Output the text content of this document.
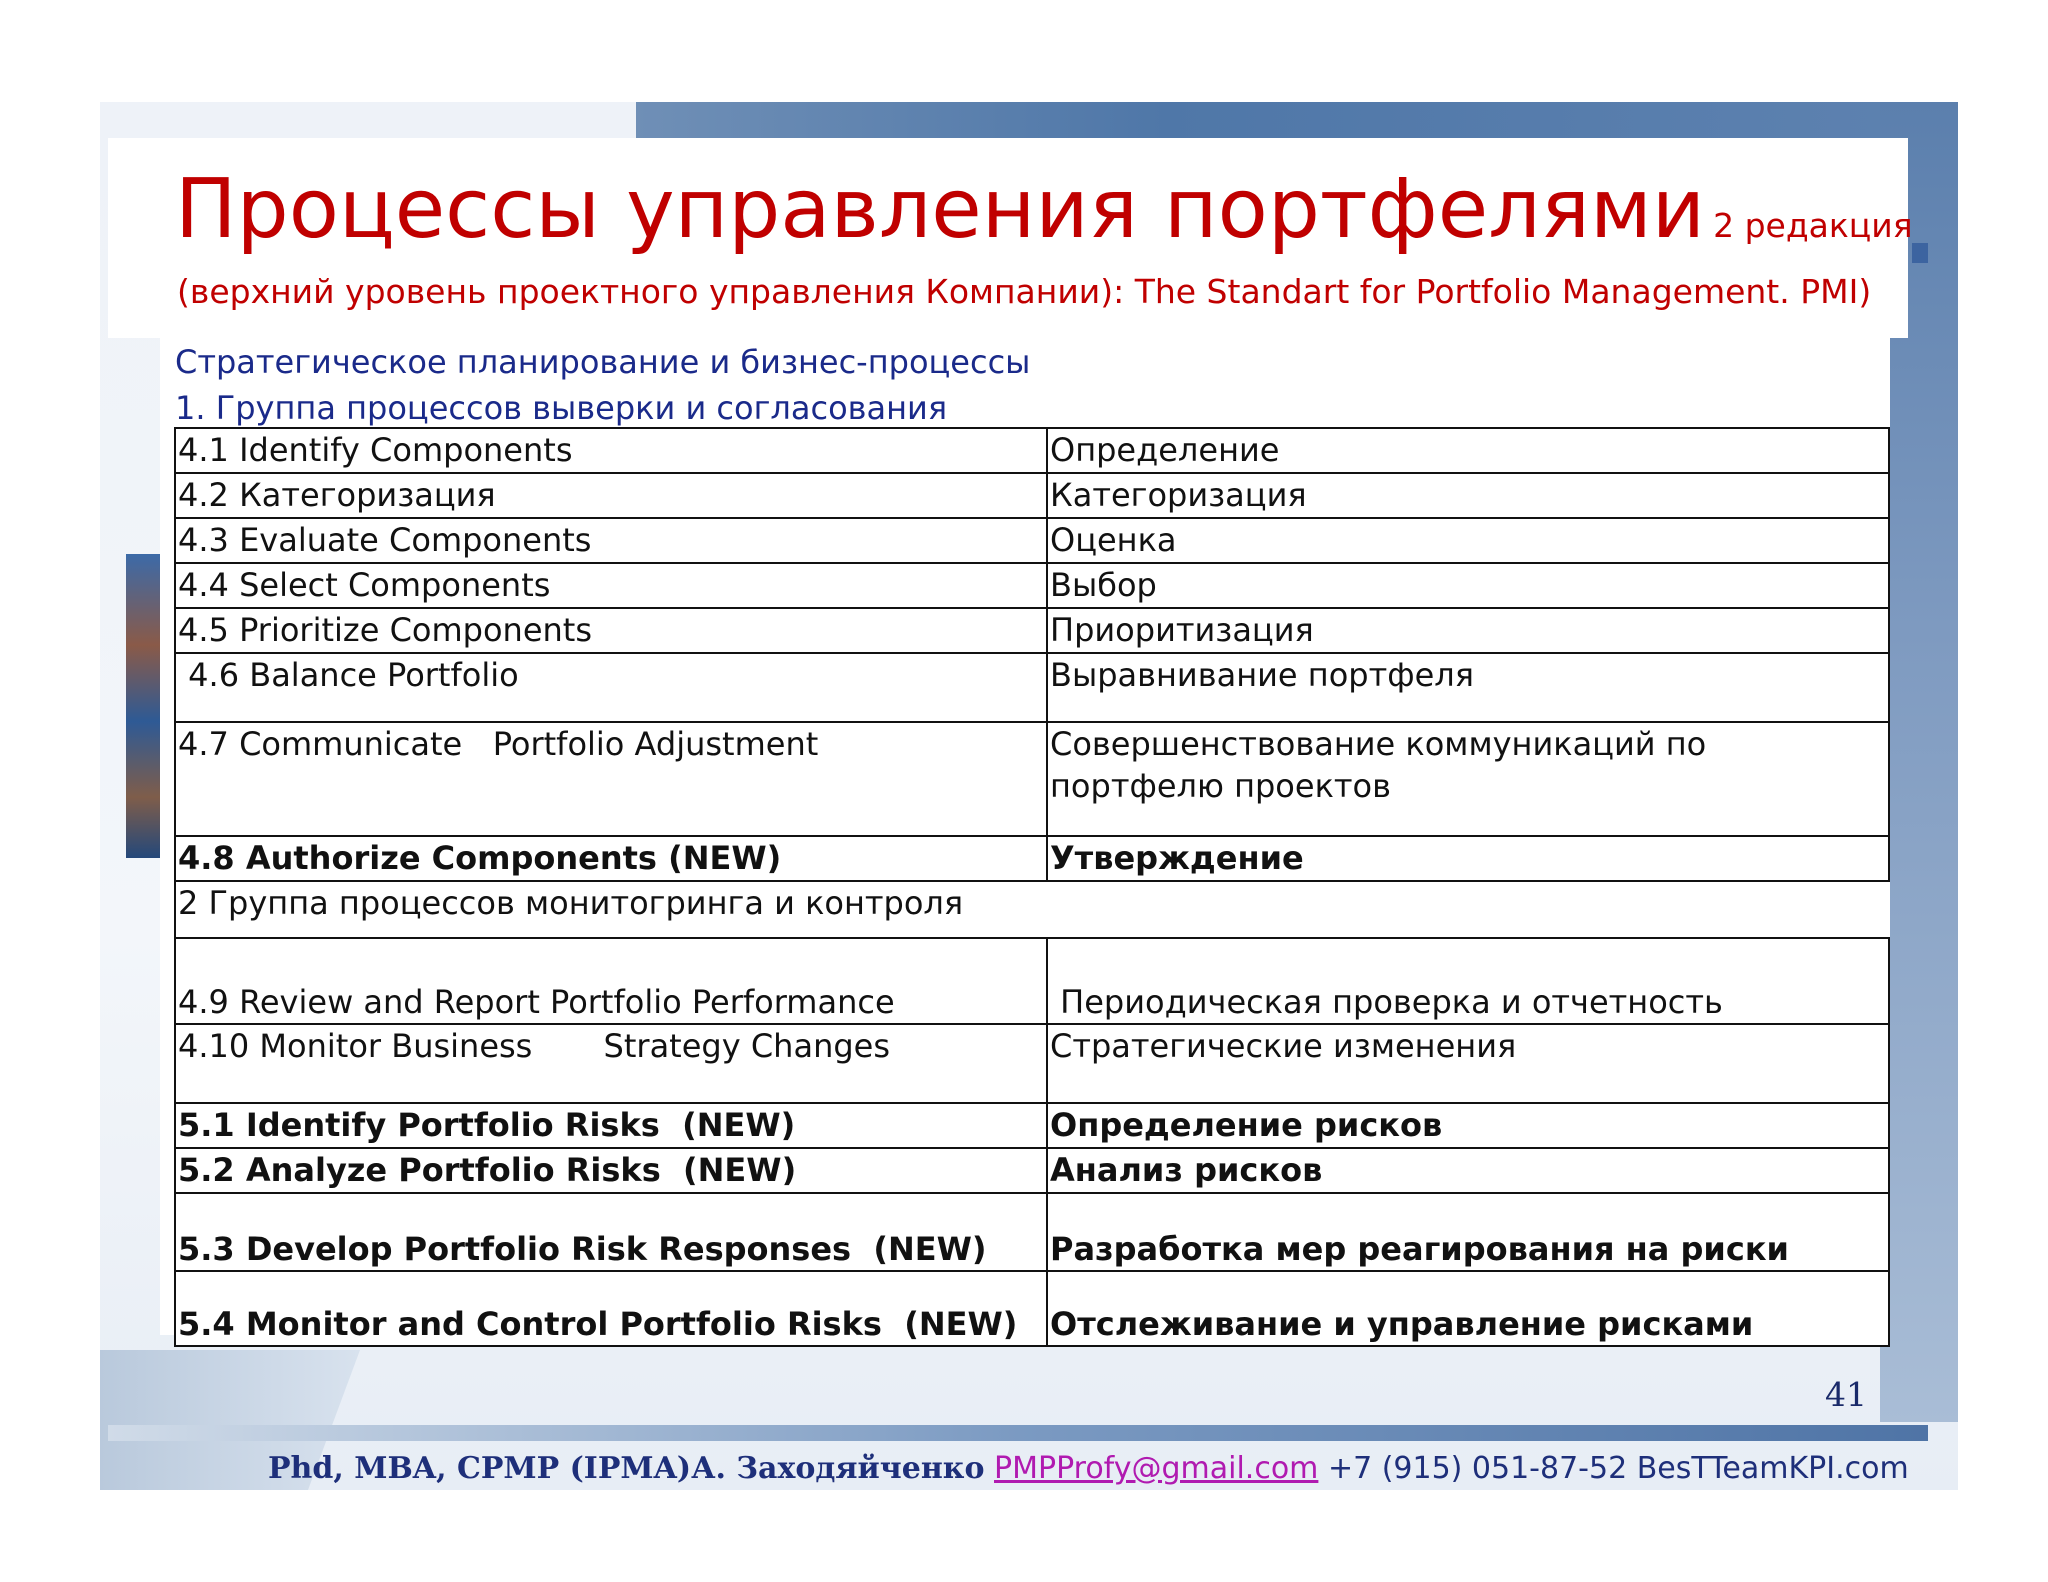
Процессы управления портфелями 2 редакция
(верхний уровень проектного управления Компании): The Standart for Portfolio Management. PMI)
Стратегическое планирование и бизнес-процессы
1. Группа процессов выверки и согласования
4.1 Identify Components	Определение
4.2 Категоризация	Категоризация
4.3 Evaluate Components	Оценка
4.4 Select Components	Выбор
4.5 Prioritize Components	Приоритизация
4.6 Balance Portfolio	Выравнивание портфеля
4.7 Communicate   Portfolio Adjustment	Совершенствование коммуникаций по портфелю проектов
4.8 Authorize Components (NEW)	Утверждение
2 Группа процессов монитогринга и контроля	
4.9 Review and Report Portfolio Performance	Периодическая проверка и отчетность
4.10 Monitor Business       Strategy Changes	Стратегические изменения
5.1 Identify Portfolio Risks  (NEW)	Определение рисков
5.2 Analyze Portfolio Risks  (NEW)	Анализ рисков
5.3 Develop Portfolio Risk Responses  (NEW)	Разработка мер реагирования на риски
5.4 Monitor and Control Portfolio Risks  (NEW)	Отслеживание и управление рисками
41
Phd, MBA, CPMP (IPMA)А. Заходяйченко PMPProfy@gmail.com +7 (915) 051-87-52 BesTTeamKPI.com
